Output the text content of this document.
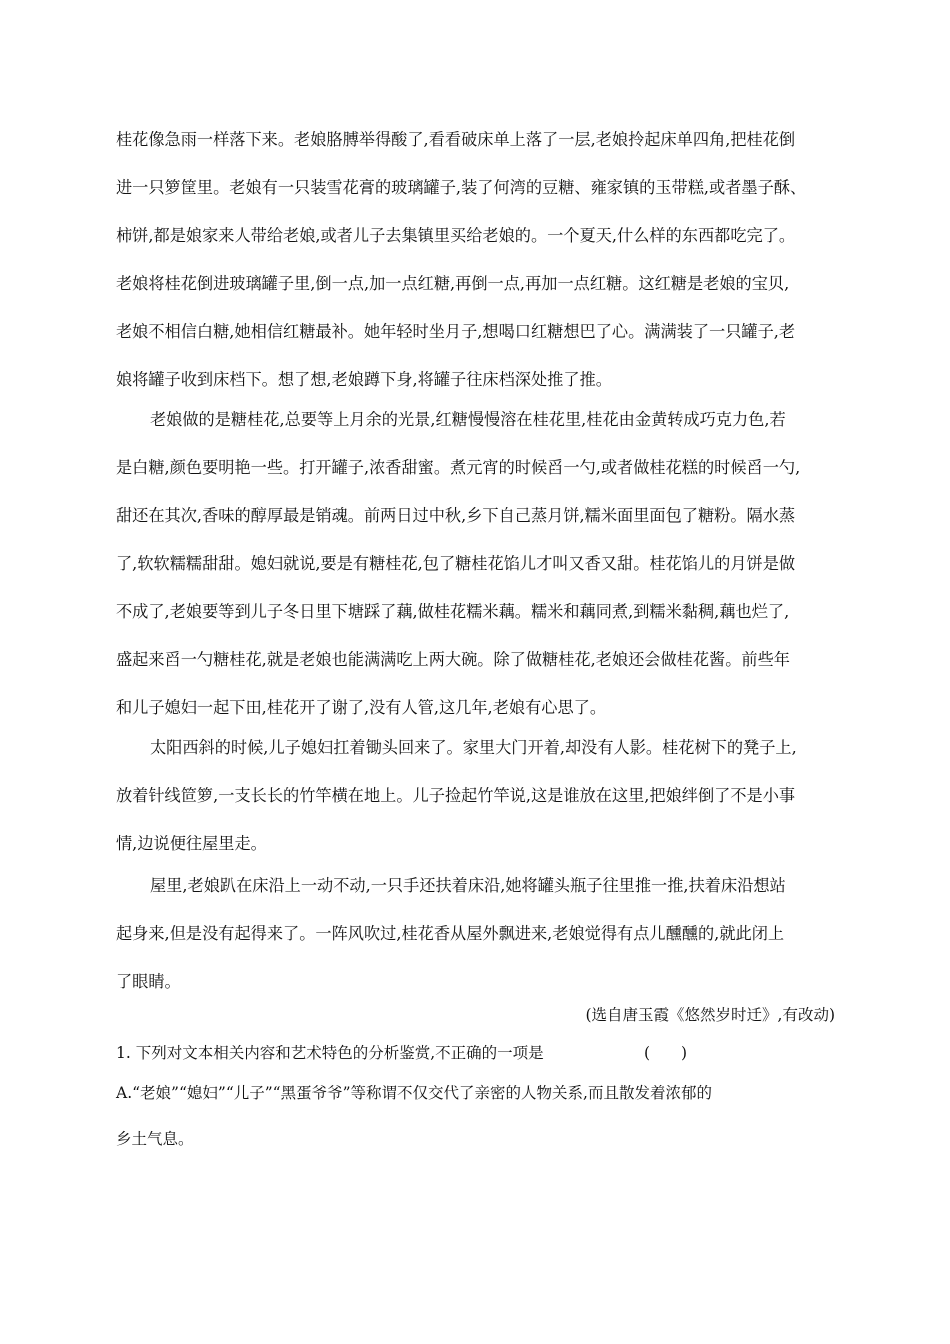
桂花像急雨一样落下来。老娘胳膊举得酸了,看看破床单上落了一层,老娘拎起床单四角,把桂花倒
进一只箩筐里。老娘有一只装雪花膏的玻璃罐子,装了何湾的豆糖、雍家镇的玉带糕,或者墨子酥、
柿饼,都是娘家来人带给老娘,或者儿子去集镇里买给老娘的。一个夏天,什么样的东西都吃完了。
老娘将桂花倒进玻璃罐子里,倒一点,加一点红糖,再倒一点,再加一点红糖。这红糖是老娘的宝贝,
老娘不相信白糖,她相信红糖最补。她年轻时坐月子,想喝口红糖想巴了心。满满装了一只罐子,老
娘将罐子收到床档下。想了想,老娘蹲下身,将罐子往床档深处推了推。
老娘做的是糖桂花,总要等上月余的光景,红糖慢慢溶在桂花里,桂花由金黄转成巧克力色,若
是白糖,颜色要明艳一些。打开罐子,浓香甜蜜。煮元宵的时候舀一勺,或者做桂花糕的时候舀一勺,
甜还在其次,香味的醇厚最是销魂。前两日过中秋,乡下自己蒸月饼,糯米面里面包了糖粉。隔水蒸
了,软软糯糯甜甜。媳妇就说,要是有糖桂花,包了糖桂花馅儿才叫又香又甜。桂花馅儿的月饼是做
不成了,老娘要等到儿子冬日里下塘踩了藕,做桂花糯米藕。糯米和藕同煮,到糯米黏稠,藕也烂了,
盛起来舀一勺糖桂花,就是老娘也能满满吃上两大碗。除了做糖桂花,老娘还会做桂花酱。前些年
和儿子媳妇一起下田,桂花开了谢了,没有人管,这几年,老娘有心思了。
太阳西斜的时候,儿子媳妇扛着锄头回来了。家里大门开着,却没有人影。桂花树下的凳子上,
放着针线笸箩,一支长长的竹竿横在地上。儿子捡起竹竿说,这是谁放在这里,把娘绊倒了不是小事
情,边说便往屋里走。
屋里,老娘趴在床沿上一动不动,一只手还扶着床沿,她将罐头瓶子往里推一推,扶着床沿想站
起身来,但是没有起得来了。一阵风吹过,桂花香从屋外飘进来,老娘觉得有点儿醺醺的,就此闭上
了眼睛。
(选自唐玉霞《悠然岁时迁》,有改动)
1. 下列对文本相关内容和艺术特色的分析鉴赏,不正确的一项是	(　　)
A.“老娘”“媳妇”“儿子”“黑蛋爷爷”等称谓不仅交代了亲密的人物关系,而且散发着浓郁的
乡土气息。
